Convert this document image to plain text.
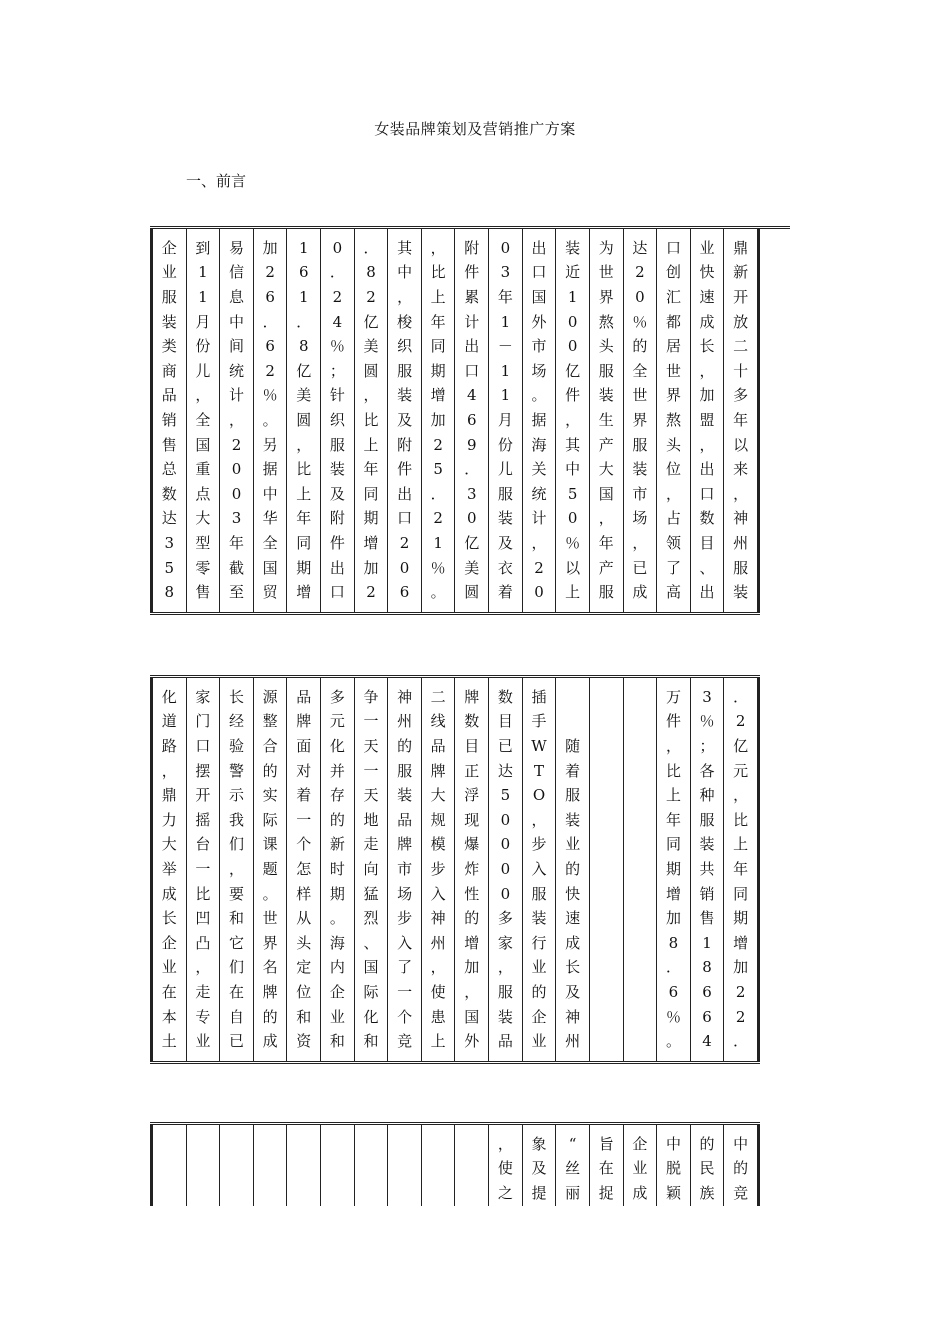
女装品牌策划及营销推广方案
一、前言

企	到	易	加	1	0	．	其	，	附	0	出	装	为	达	口	业	鼎
业	1	信	2	6	．	8	中	比	件	3	口	近	世	2	创	快	新
服	1	息	6	1	2	2	，	上	累	年	国	1	界	0	汇	速	开
装	月	中	．	．	4	亿	梭	年	计	1	外	0	熬	％	都	成	放
类	份	间	6	8	％	美	织	同	出	－	市	0	头	的	居	长	二
商	儿	统	2	亿	；	圆	服	期	口	1	场	亿	服	全	世	，	十
品	，	计	％	美	针	，	装	增	4	1	。	件	装	世	界	加	多
销	全	，	。	圆	织	比	及	加	6	月	据	，	生	界	熬	盟	年
售	国	2	另	，	服	上	附	2	9	份	海	其	产	服	头	，	以
总	重	0	据	比	装	年	件	5	．	儿	关	中	大	装	位	出	来
数	点	0	中	上	及	同	出	．	3	服	统	5	国	市	，	口	，
达	大	3	华	年	附	期	口	2	0	装	计	0	，	场	占	数	神
3	型	年	全	同	件	增	2	1	亿	及	，	％	年	，	领	目	州
5	零	截	国	期	出	加	0	％	美	衣	2	以	产	已	了	、	服
8	售	至	贸	增	口	2	6	。	圆	着	0	上	服	成	高	出	装

化	家	长	源	品	多	争	神	二	牌	数	插				万	3	．
道	门	经	整	牌	元	一	州	线	数	目	手				件	％	2
路	口	验	合	面	化	天	的	品	目	已	W	随			，	；	亿
，	摆	警	的	对	并	一	服	牌	正	达	T	着			比	各	元
鼎	开	示	实	着	存	天	装	大	浮	5	O	服			上	种	，
力	摇	我	际	一	的	地	品	规	现	0	，	装			年	服	比
大	台	们	课	个	新	走	牌	模	爆	0	步	业			同	装	上
举	一	，	题	怎	时	向	市	步	炸	0	入	的			期	共	年
成	比	要	。	样	期	猛	场	入	性	0	服	快			增	销	同
长	凹	和	世	从	。	烈	步	神	的	多	装	速			加	售	期
企	凸	它	界	头	海	、	入	州	增	家	行	成			8	1	增
业	，	们	名	定	内	国	了	，	加	，	业	长			．	8	加
在	走	在	牌	位	企	际	一	使	，	服	的	及			6	6	2
本	专	自	的	和	业	化	个	患	国	装	企	神			％	6	2
土	业	已	成	资	和	和	竞	上	外	品	业	州			。	4	．

										，	象	“	旨	企	中	的	中
										使	及	丝	在	业	脱	民	的
										之	提	丽	捉	成	颖	族	竞
